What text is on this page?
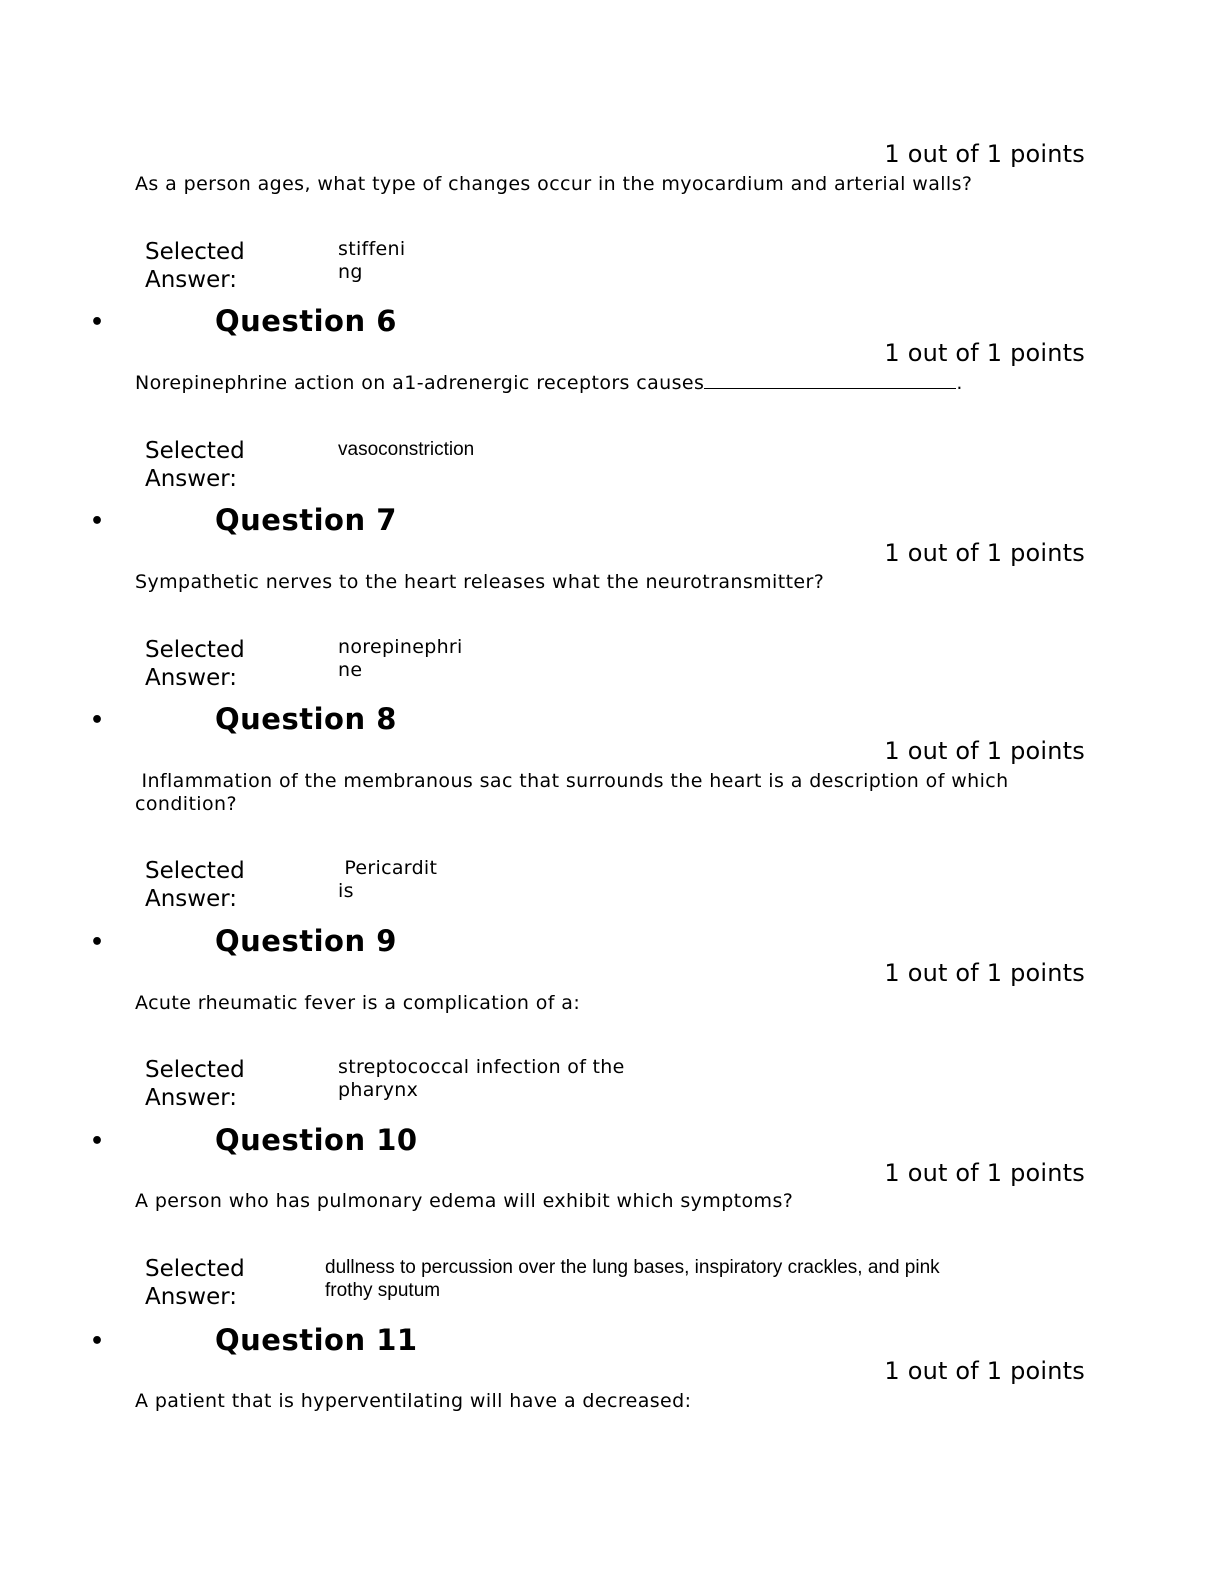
1 out of 1 points
As a person ages, what type of changes occur in the myocardium and arterial walls?
Selected
Answer:
stiffeni
ng
•	Question 6
1 out of 1 points
Norepinephrine action on a1-adrenergic receptors causes	.
Selected
Answer:
vasoconstriction
•	Question 7
1 out of 1 points
Sympathetic nerves to the heart releases what the neurotransmitter?
Selected
Answer:
norepinephri
ne
•	Question 8
1 out of 1 points
Inflammation of the membranous sac that surrounds the heart is a description of which
condition?
Selected
Answer:
Pericardit
is
•	Question 9
1 out of 1 points
Acute rheumatic fever is a complication of a:
Selected
Answer:
streptococcal infection of the
pharynx
•	Question 10
1 out of 1 points
A person who has pulmonary edema will exhibit which symptoms?
Selected
Answer:
dullness to percussion over the lung bases, inspiratory crackles, and pink
frothy sputum
•	Question 11
1 out of 1 points
A patient that is hyperventilating will have a decreased:
